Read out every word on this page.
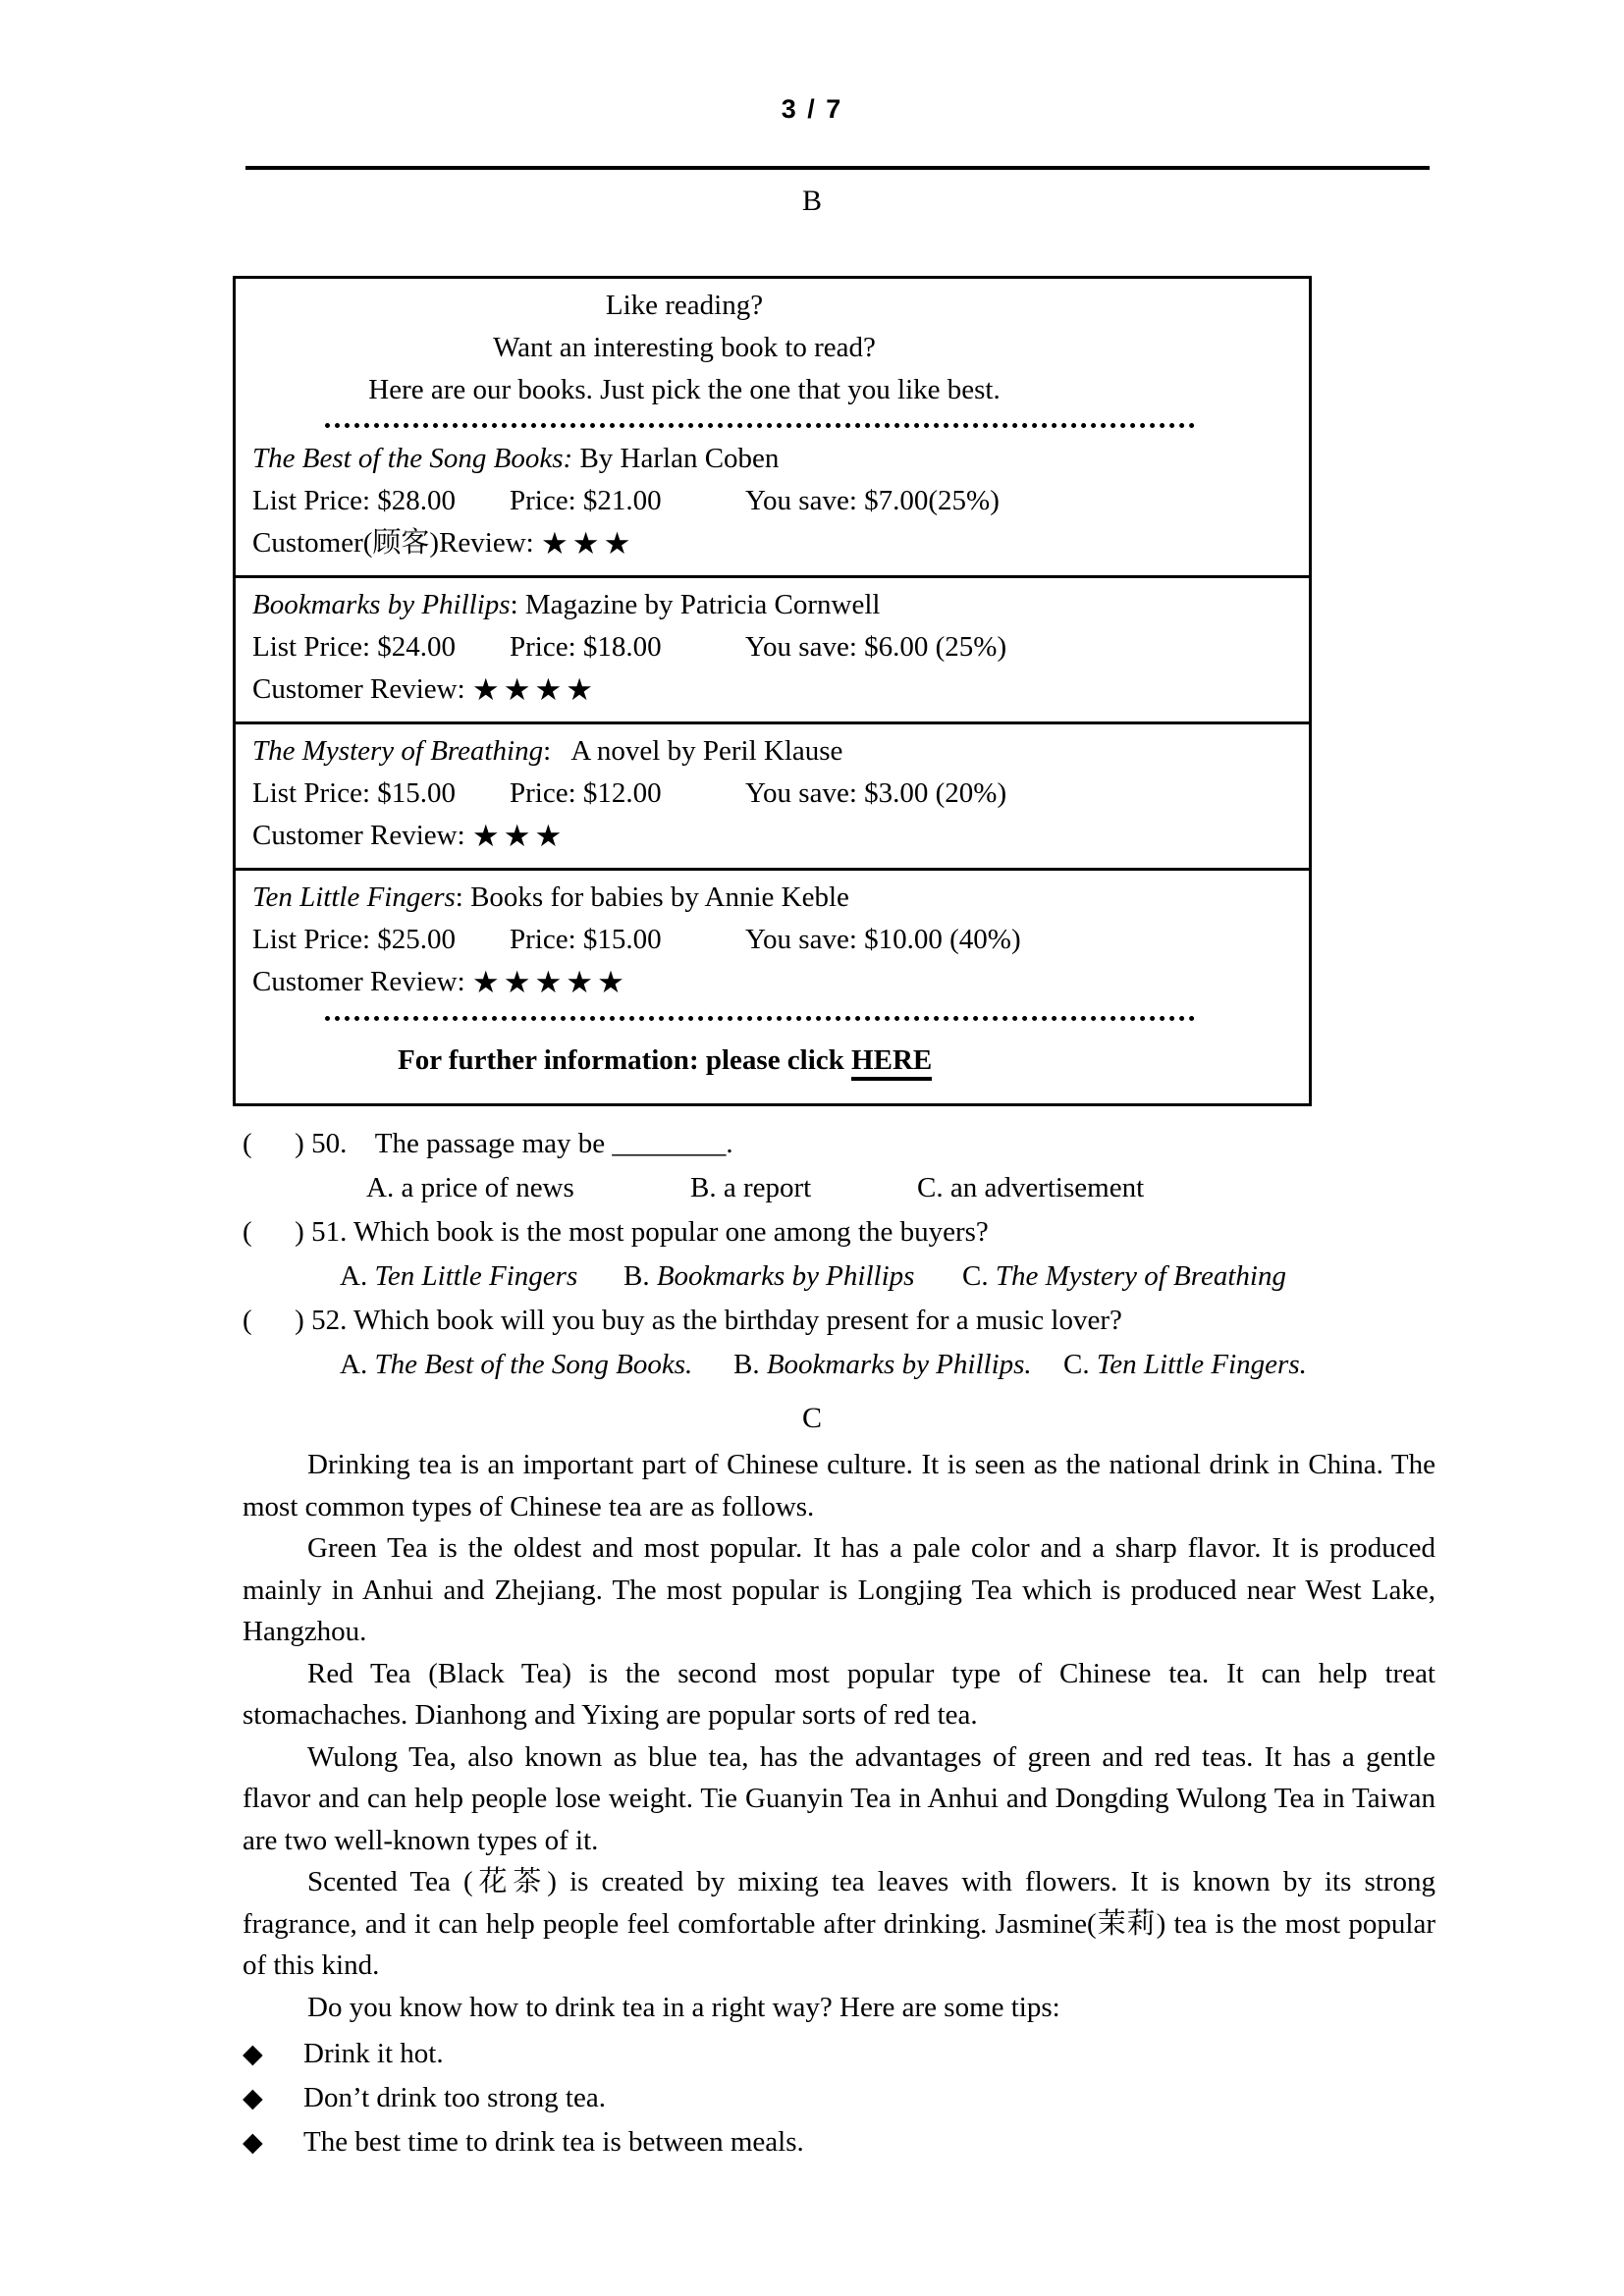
3 / 7
B
Like reading?
Want an interesting book to read?
Here are our books. Just pick the one that you like best.
The Best of the Song Books: By Harlan Coben
List Price: $28.00 Price: $21.00	You save: $7.00(25%)
Customer(顾客)Review: ★★★
Bookmarks by Phillips: Magazine by Patricia Cornwell
List Price: $24.00 Price: $18.00	You save: $6.00 (25%)
Customer Review: ★★★★
The Mystery of Breathing:   A novel by Peril Klause
List Price: $15.00 Price: $12.00	You save: $3.00 (20%)
Customer Review: ★★★
Ten Little Fingers: Books for babies by Annie Keble
List Price: $25.00 Price: $15.00	You save: $10.00 (40%)
Customer Review: ★★★★★
For further information: please click HERE
(      ) 50.    The passage may be ________.
A. a price of news	B. a report	C. an advertisement
(      ) 51. Which book is the most popular one among the buyers?
A. Ten Little Fingers B. Bookmarks by Phillips C. The Mystery of Breathing
(      ) 52. Which book will you buy as the birthday present for a music lover?
A. The Best of the Song Books. B. Bookmarks by Phillips. C. Ten Little Fingers.
C

Drinking tea is an important part of Chinese culture. It is seen as the national drink in China. The most common types of Chinese tea are as follows.

Green Tea is the oldest and most popular. It has a pale color and a sharp flavor. It is produced mainly in Anhui and Zhejiang. The most popular is Longjing Tea which is produced near West Lake, Hangzhou.

Red Tea (Black Tea) is the second most popular type of Chinese tea. It can help treat stomachaches. Dianhong and Yixing are popular sorts of red tea.

Wulong Tea, also known as blue tea, has the advantages of green and red teas. It has a gentle flavor and can help people lose weight. Tie Guanyin Tea in Anhui and Dongding Wulong Tea in Taiwan are two well-known types of it.

Scented Tea (花茶) is created by mixing tea leaves with flowers. It is known by its strong fragrance, and it can help people feel comfortable after drinking. Jasmine(茉莉) tea is the most popular of this kind.

Do you know how to drink tea in a right way? Here are some tips:

◆	Drink it hot.
◆	Don’t drink too strong tea.
◆	The best time to drink tea is between meals.
